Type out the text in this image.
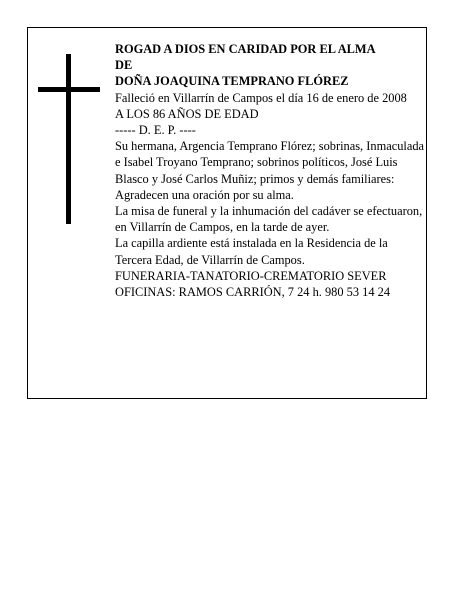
ROGAD A DIOS EN CARIDAD POR EL ALMA

DE

DOÑA JOAQUINA TEMPRANO FLÓREZ

Falleció en Villarrín de Campos el día 16 de enero de 2008

A LOS 86 AÑOS DE EDAD

----- D. E. P. ----

Su hermana, Argencia Temprano Flórez; sobrinas, Inmaculada e Isabel Troyano Temprano; sobrinos políticos, José Luis Blasco y José Carlos Muñiz; primos y demás familiares:

Agradecen una oración por su alma.

La misa de funeral y la inhumación del cadáver se efectuaron, en Villarrín de Campos, en la tarde de ayer.

La capilla ardiente está instalada en la Residencia de la Tercera Edad, de Villarrín de Campos.

FUNERARIA-TANATORIO-CREMATORIO SEVER

OFICINAS: RAMOS CARRIÓN, 7 24 h. 980 53 14 24
